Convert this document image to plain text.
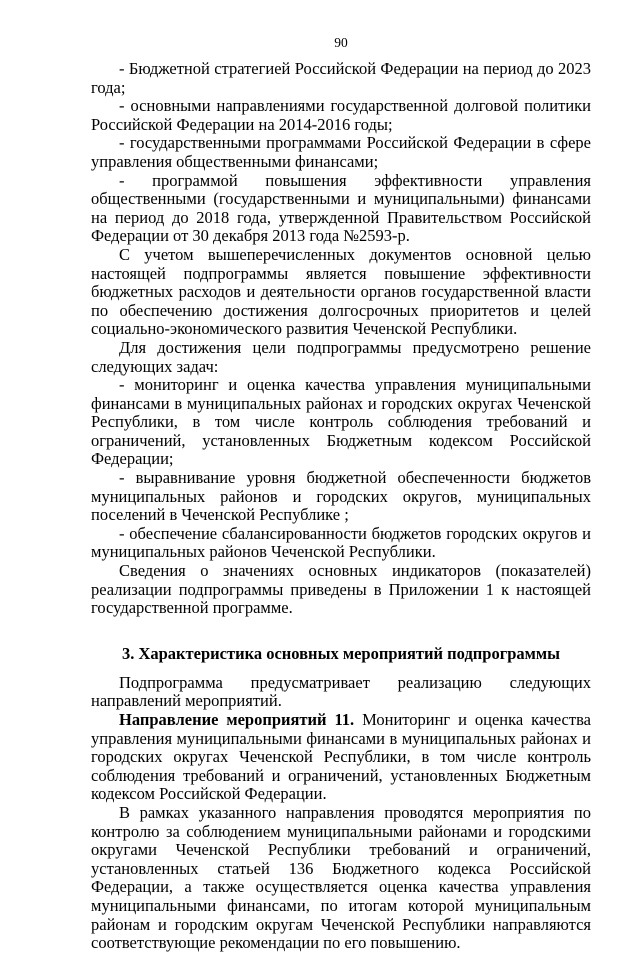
90

- Бюджетной стратегией Российской Федерации на период до 2023 года;

- основными направлениями государственной долговой политики Российской Федерации на 2014-2016 годы;

- государственными программами Российской Федерации в сфере управления общественными финансами;

- программой повышения эффективности управления общественными (государственными и муниципальными) финансами на период до 2018 года, утвержденной Правительством Российской Федерации от 30 декабря 2013 года №2593-р.

С учетом вышеперечисленных документов основной целью настоящей подпрограммы является повышение эффективности бюджетных расходов и деятельности органов государственной власти по обеспечению достижения долгосрочных приоритетов и целей социально-экономического развития Чеченской Республики.

Для достижения цели подпрограммы предусмотрено решение следующих задач:

- мониторинг и оценка качества управления муниципальными финансами в муниципальных районах и городских округах Чеченской Республики, в том числе контроль соблюдения требований и ограничений, установленных Бюджетным кодексом Российской Федерации;

- выравнивание уровня бюджетной обеспеченности бюджетов муниципальных районов и городских округов, муниципальных поселений в Чеченской Республике ;

- обеспечение сбалансированности бюджетов городских округов и муниципальных районов Чеченской Республики.

Сведения о значениях основных индикаторов (показателей) реализации подпрограммы приведены в Приложении 1 к настоящей государственной программе.

3. Характеристика основных мероприятий подпрограммы

Подпрограмма предусматривает реализацию следующих направлений мероприятий.

Направление мероприятий 11. Мониторинг и оценка качества управления муниципальными финансами в муниципальных районах и городских округах Чеченской Республики, в том числе контроль соблюдения требований и ограничений, установленных Бюджетным кодексом Российской Федерации.

В рамках указанного направления проводятся мероприятия по контролю за соблюдением муниципальными районами и городскими округами Чеченской Республики требований и ограничений, установленных статьей 136 Бюджетного кодекса Российской Федерации, а также осуществляется оценка качества управления муниципальными финансами, по итогам которой муниципальным районам и городским округам Чеченской Республики направляются соответствующие рекомендации по его повышению.
